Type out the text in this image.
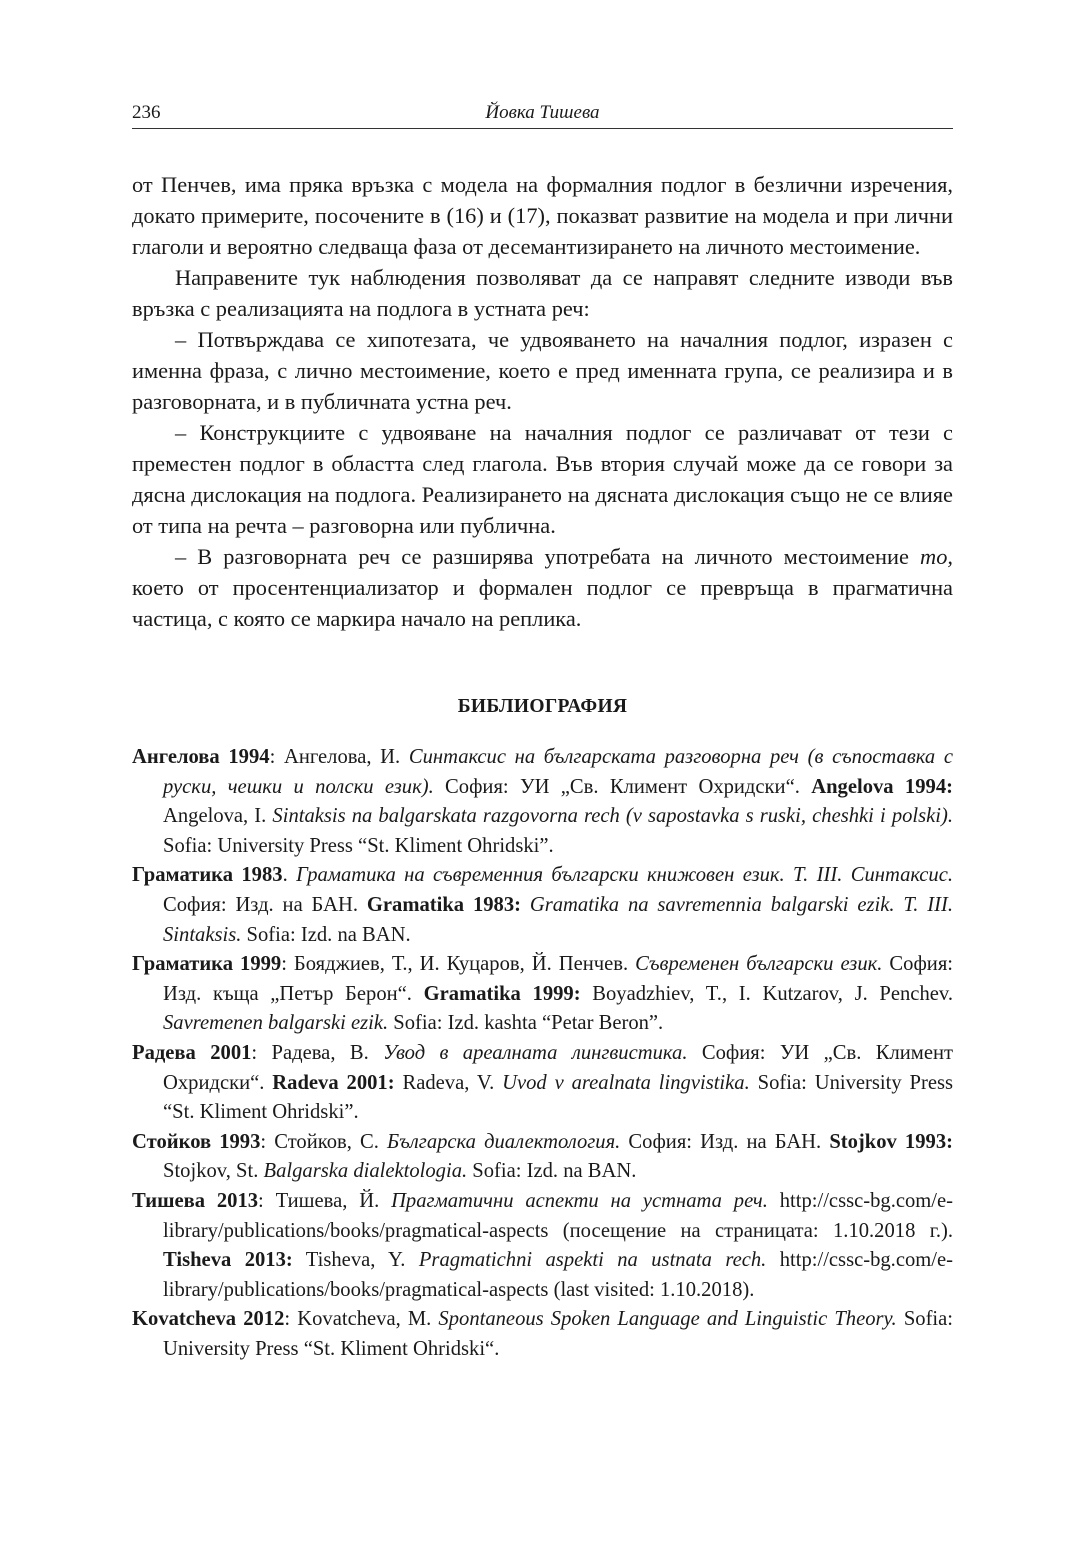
236	Йовка Тишева

от Пенчев, има пряка връзка с модела на формалния подлог в безлични изречения, докато примерите, посочените в (16) и (17), показват развитие на модела и при лични глаголи и вероятно следваща фаза от десемантизирането на личното местоимение.

Направените тук наблюдения позволяват да се направят следните изводи във връзка с реализацията на подлога в устната реч:

– Потвърждава се хипотезата, че удвояването на началния подлог, изразен с именна фраза, с лично местоимение, което е пред именната група, се реализира и в разговорната, и в публичната устна реч.

– Конструкциите с удвояване на началния подлог се различават от тези с преместен подлог в областта след глагола. Във втория случай може да се говори за дясна дислокация на подлога. Реализирането на дясната дислокация също не се влияе от типа на речта – разговорна или публична.

– В разговорната реч се разширява употребата на личното местоимение то, което от просентенциализатор и формален подлог се превръща в прагматична частица, с която се маркира начало на реплика.

БИБЛИОГРАФИЯ

Ангелова 1994: Ангелова, И. Синтаксис на българската разговорна реч (в съпоставка с руски, чешки и полски език). София: УИ „Св. Климент Охридски“. Angelova 1994: Angelova, I. Sintaksis na balgarskata razgovorna rech (v sapostavka s ruski, cheshki i polski). Sofia: University Press “St. Kliment Ohridski”.

Граматика 1983. Граматика на съвременния български книжовен език. Т. III. Синтаксис. София: Изд. на БАН. Gramatika 1983: Gramatika na savremennia balgarski ezik. T. III. Sintaksis. Sofia: Izd. na BAN.

Граматика 1999: Бояджиев, Т., И. Куцаров, Й. Пенчев. Съвременен български език. София: Изд. къща „Петър Берон“. Gramatika 1999: Boyadzhiev, T., I. Kutzarov, J. Penchev. Savremenen balgarski ezik. Sofia: Izd. kashta “Petar Beron”.

Радева 2001: Радева, В. Увод в ареалната лингвистика. София: УИ „Св. Климент Охридски“. Radeva 2001: Radeva, V. Uvod v arealnata lingvistika. Sofia: University Press “St. Kliment Ohridski”.

Стойков 1993: Стойков, С. Българска диалектология. София: Изд. на БАН. Stojkov 1993: Stojkov, St. Balgarska dialektologia. Sofia: Izd. na BAN.

Тишева 2013: Тишева, Й. Прагматични аспекти на устната реч. http://cssc-bg.com/e-library/publications/books/pragmatical-aspects (посещение на страницата: 1.10.2018 г.). Tisheva 2013: Tisheva, Y. Pragmatichni aspekti na ustnata rech. http://cssc-bg.com/e-library/publications/books/pragmatical-aspects (last visited: 1.10.2018).

Kovatcheva 2012: Kovatcheva, M. Spontaneous Spoken Language and Linguistic Theory. Sofia: University Press “St. Kliment Ohridski“.
